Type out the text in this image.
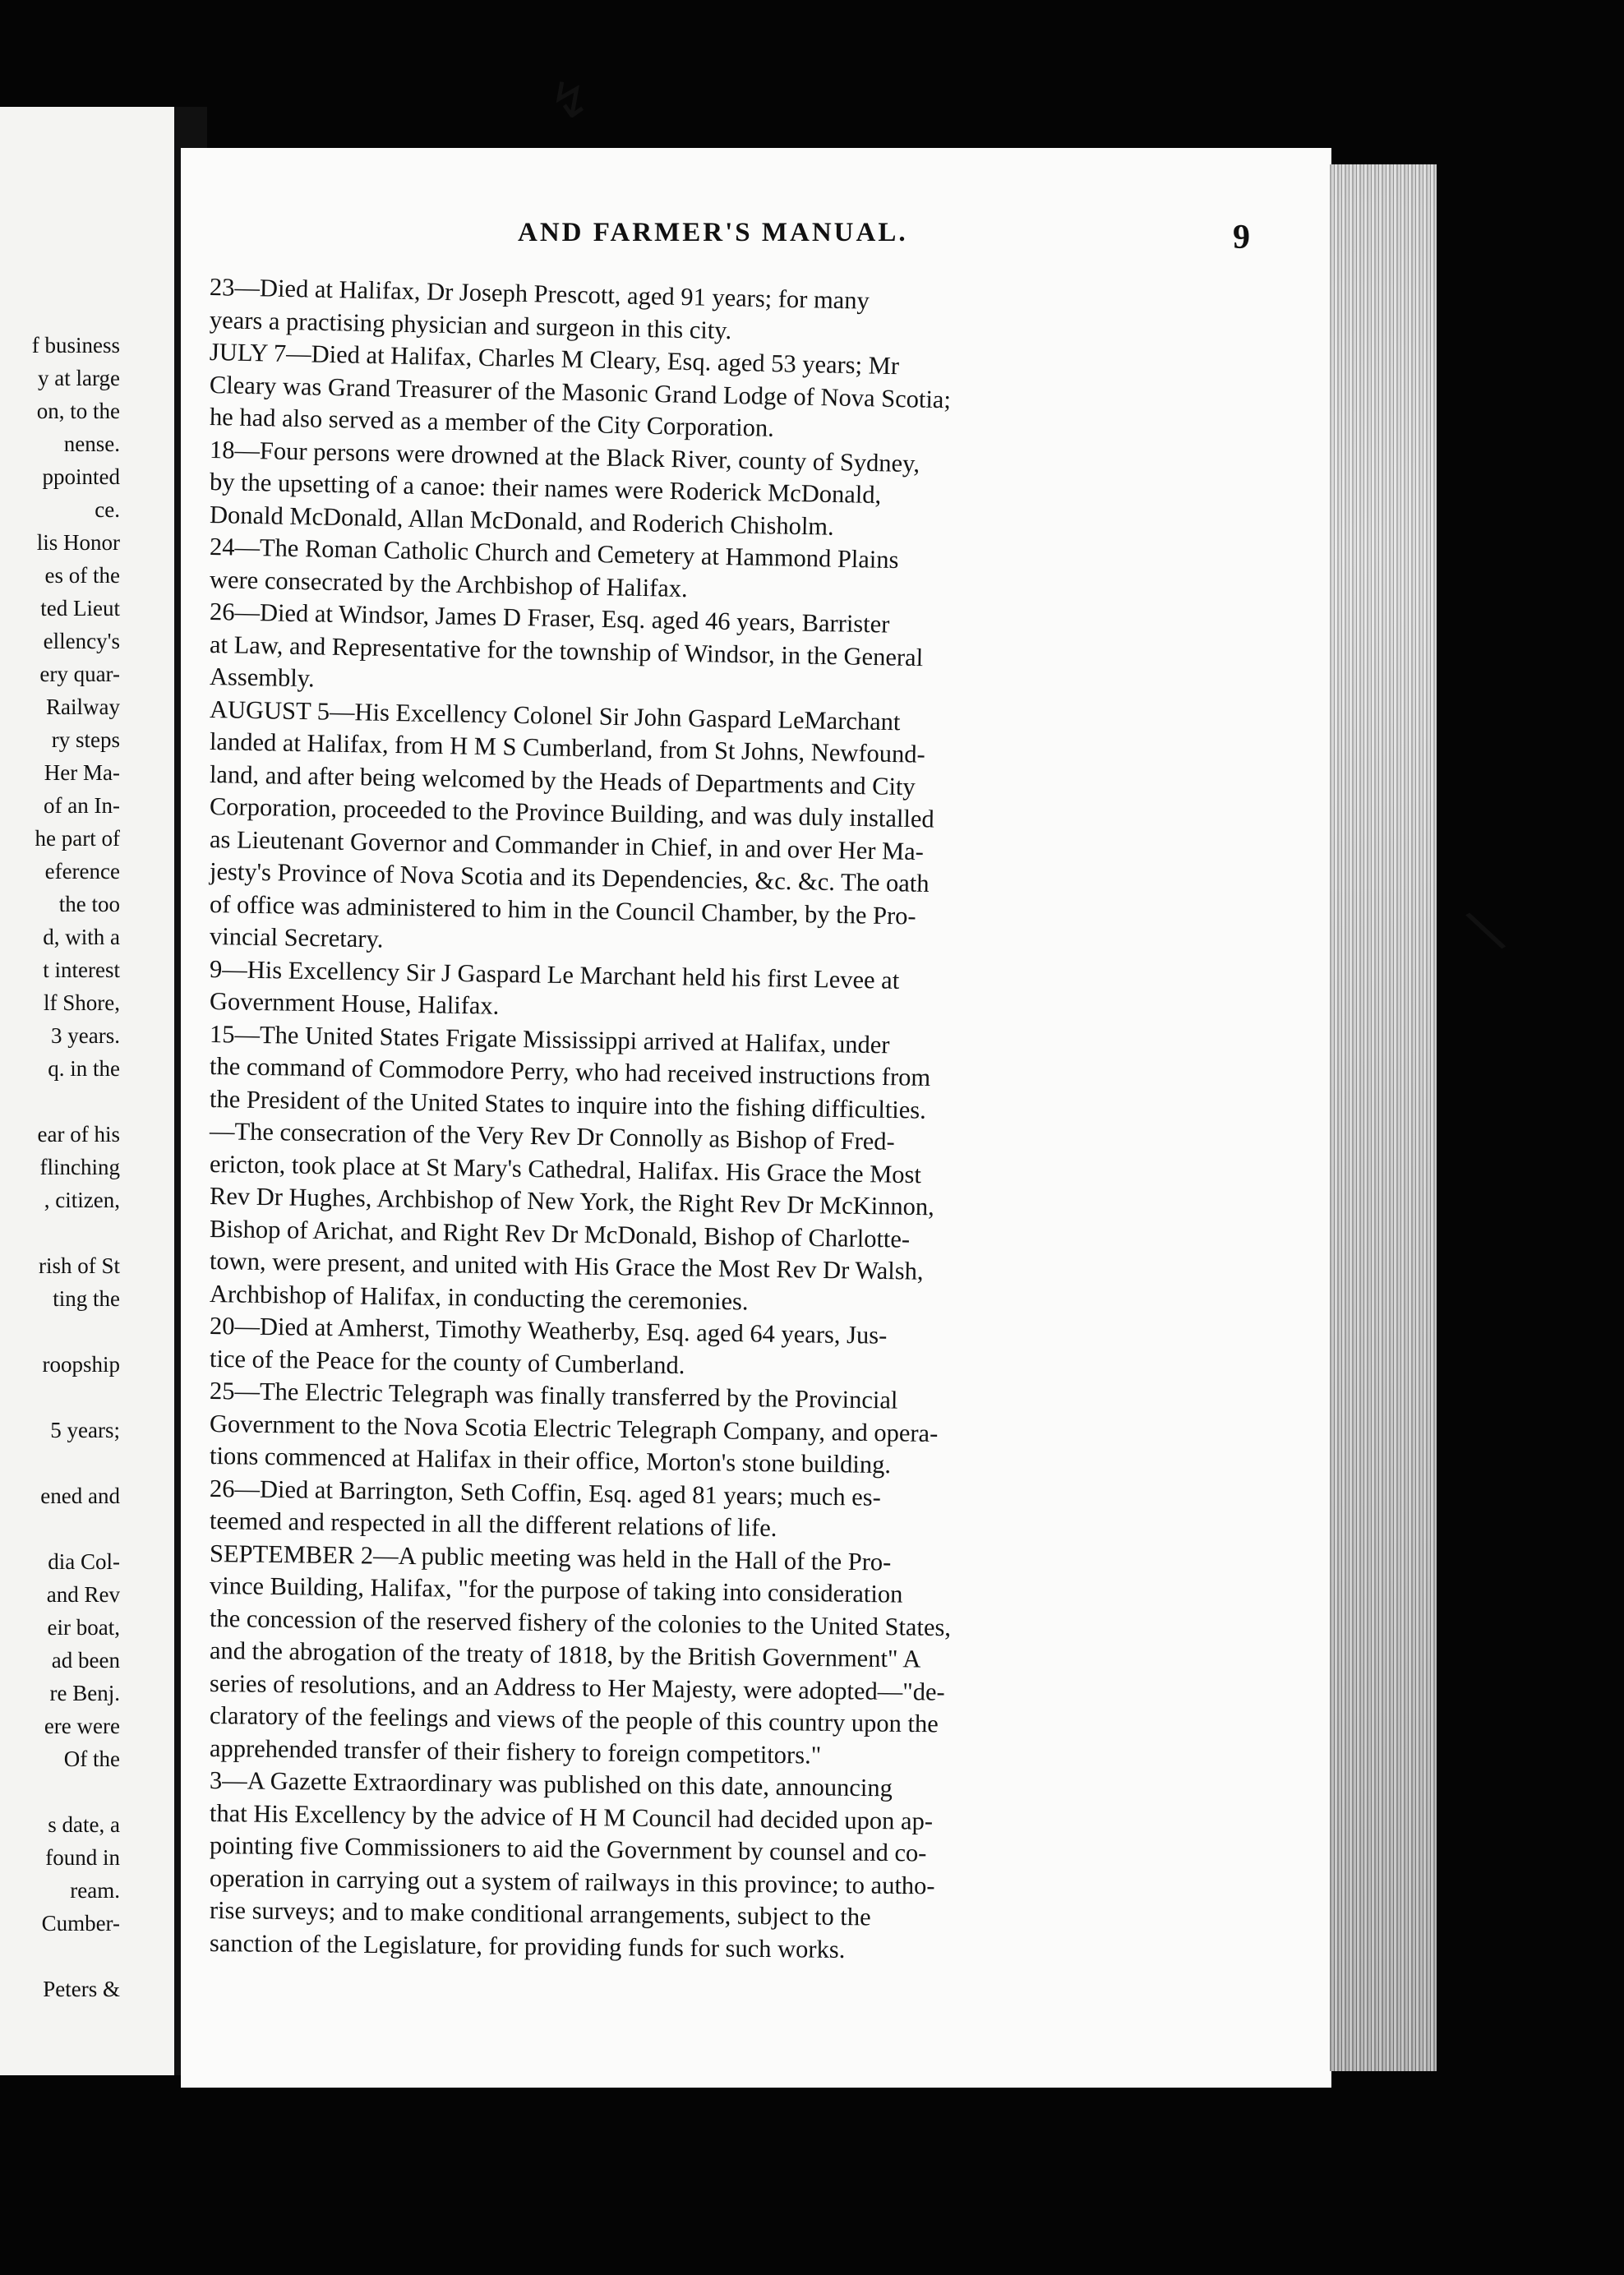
f business
y at large
on, to the
nense.
ppointed
ce.
lis Honor
es of the
ted Lieut
ellency's
ery quar-
Railway
ry steps
Her Ma-
of an In-
he part of
eference
the too
d, with a
t interest
lf Shore,
3 years.
q. in the
ear of his
flinching
, citizen,
rish of St
ting the
roopship
5 years;
ened and
dia Col-
and Rev
eir boat,
ad been
re Benj.
ere were
Of the
s date, a
found in
ream.
Cumber-
Peters &
↯
\
AND FARMER'S MANUAL.	9
23—Died at Halifax, Dr Joseph Prescott, aged 91 years; for many
years a practising physician and surgeon in this city.
JULY 7—Died at Halifax, Charles M Cleary, Esq. aged 53 years; Mr
Cleary was Grand Treasurer of the Masonic Grand Lodge of Nova Scotia;
he had also served as a member of the City Corporation.
18—Four persons were drowned at the Black River, county of Sydney,
by the upsetting of a canoe: their names were Roderick McDonald,
Donald McDonald, Allan McDonald, and Roderich Chisholm.
24—The Roman Catholic Church and Cemetery at Hammond Plains
were consecrated by the Archbishop of Halifax.
26—Died at Windsor, James D Fraser, Esq. aged 46 years, Barrister
at Law, and Representative for the township of Windsor, in the General
Assembly.
AUGUST 5—His Excellency Colonel Sir John Gaspard LeMarchant
landed at Halifax, from H M S Cumberland, from St Johns, Newfound-
land, and after being welcomed by the Heads of Departments and City
Corporation, proceeded to the Province Building, and was duly installed
as Lieutenant Governor and Commander in Chief, in and over Her Ma-
jesty's Province of Nova Scotia and its Dependencies, &c. &c. The oath
of office was administered to him in the Council Chamber, by the Pro-
vincial Secretary.
9—His Excellency Sir J Gaspard Le Marchant held his first Levee at
Government House, Halifax.
15—The United States Frigate Mississippi arrived at Halifax, under
the command of Commodore Perry, who had received instructions from
the President of the United States to inquire into the fishing difficulties.
—The consecration of the Very Rev Dr Connolly as Bishop of Fred-
ericton, took place at St Mary's Cathedral, Halifax. His Grace the Most
Rev Dr Hughes, Archbishop of New York, the Right Rev Dr McKinnon,
Bishop of Arichat, and Right Rev Dr McDonald, Bishop of Charlotte-
town, were present, and united with His Grace the Most Rev Dr Walsh,
Archbishop of Halifax, in conducting the ceremonies.
20—Died at Amherst, Timothy Weatherby, Esq. aged 64 years, Jus-
tice of the Peace for the county of Cumberland.
25—The Electric Telegraph was finally transferred by the Provincial
Government to the Nova Scotia Electric Telegraph Company, and opera-
tions commenced at Halifax in their office, Morton's stone building.
26—Died at Barrington, Seth Coffin, Esq. aged 81 years; much es-
teemed and respected in all the different relations of life.
SEPTEMBER 2—A public meeting was held in the Hall of the Pro-
vince Building, Halifax, "for the purpose of taking into consideration
the concession of the reserved fishery of the colonies to the United States,
and the abrogation of the treaty of 1818, by the British Government" A
series of resolutions, and an Address to Her Majesty, were adopted—"de-
claratory of the feelings and views of the people of this country upon the
apprehended transfer of their fishery to foreign competitors."
3—A Gazette Extraordinary was published on this date, announcing
that His Excellency by the advice of H M Council had decided upon ap-
pointing five Commissioners to aid the Government by counsel and co-
operation in carrying out a system of railways in this province; to autho-
rise surveys; and to make conditional arrangements, subject to the
sanction of the Legislature, for providing funds for such works.
